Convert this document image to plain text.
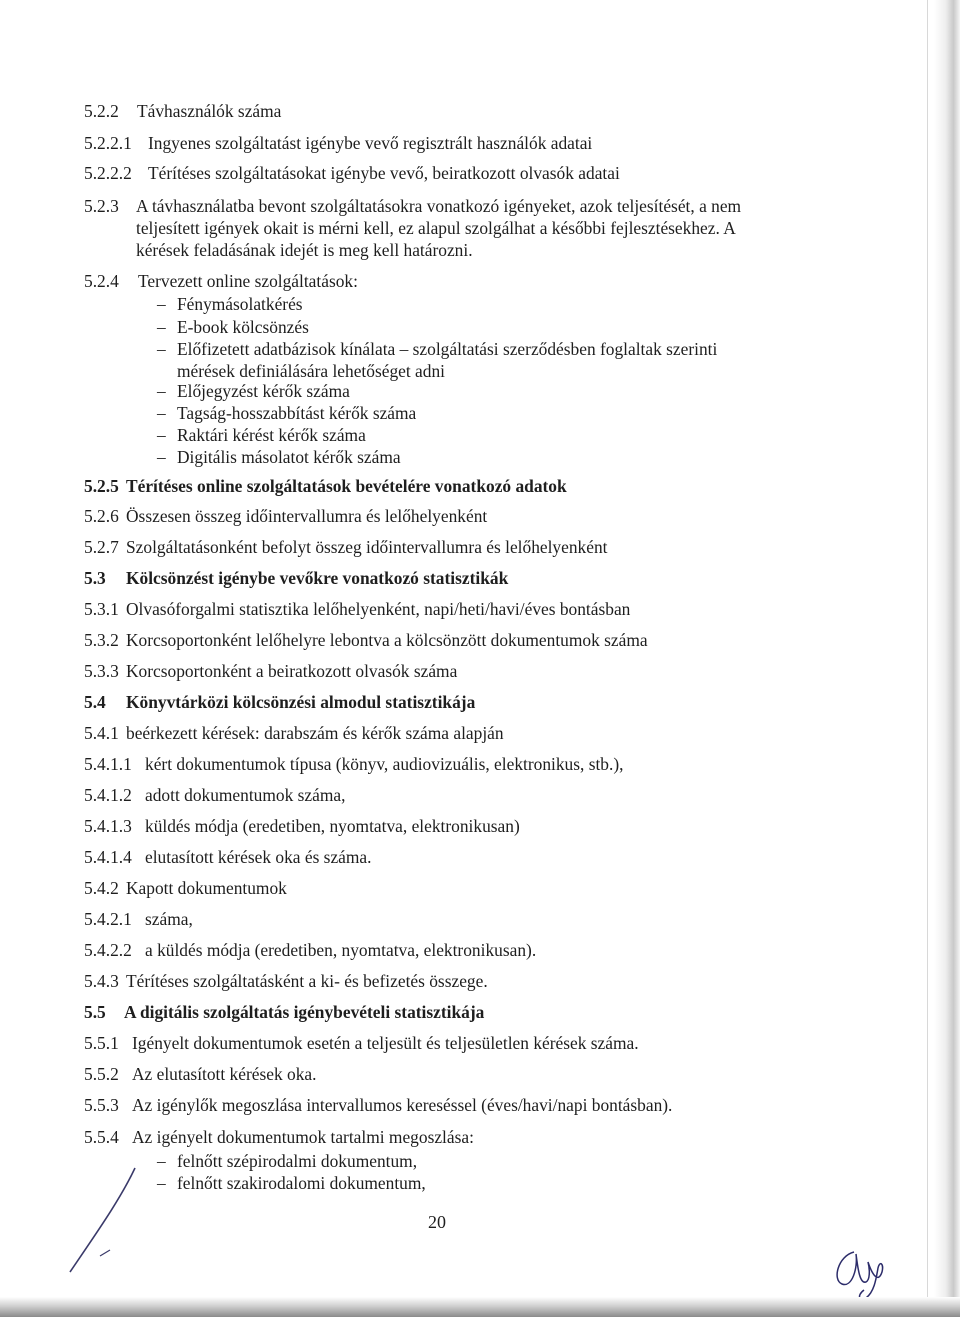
5.2.2 Távhasználók száma
5.2.2.1 Ingyenes szolgáltatást igénybe vevő regisztrált használók adatai
5.2.2.2 Térítéses szolgáltatásokat igénybe vevő, beiratkozott olvasók adatai
5.2.3 A távhasználatba bevont szolgáltatásokra vonatkozó igényeket, azok teljesítését, a nem
teljesített igények okait is mérni kell, ez alapul szolgálhat a későbbi fejlesztésekhez. A
kérések feladásának idejét is meg kell határozni.
5.2.4 Tervezett online szolgáltatások:
5.2.5 Térítéses online szolgáltatások bevételére vonatkozó adatok
5.2.6 Összesen összeg időintervallumra és lelőhelyenként
5.2.7 Szolgáltatásonként befolyt összeg időintervallumra és lelőhelyenként
5.3 Kölcsönzést igénybe vevőkre vonatkozó statisztikák
5.3.1 Olvasóforgalmi statisztika lelőhelyenként, napi/heti/havi/éves bontásban
5.3.2 Korcsoportonként lelőhelyre lebontva a kölcsönzött dokumentumok száma
5.3.3 Korcsoportonként a beiratkozott olvasók száma
5.4 Könyvtárközi kölcsönzési almodul statisztikája
5.4.1 beérkezett kérések: darabszám és kérők száma alapján
5.4.1.1 kért dokumentumok típusa (könyv, audiovizuális, elektronikus, stb.),
5.4.1.2 adott dokumentumok száma,
5.4.1.3 küldés módja (eredetiben, nyomtatva, elektronikusan)
5.4.1.4 elutasított kérések oka és száma.
5.4.2 Kapott dokumentumok
5.4.2.1 száma,
5.4.2.2 a küldés módja (eredetiben, nyomtatva, elektronikusan).
5.4.3 Térítéses szolgáltatásként a ki- és befizetés összege.
5.5 A digitális szolgáltatás igénybevételi statisztikája
5.5.1 Igényelt dokumentumok esetén a teljesült és teljesületlen kérések száma.
5.5.2 Az elutasított kérések oka.
5.5.3 Az igénylők megoszlása intervallumos kereséssel (éves/havi/napi bontásban).
5.5.4 Az igényelt dokumentumok tartalmi megoszlása:
– Fénymásolatkérés
– E-book kölcsönzés
– Előfizetett adatbázisok kínálata – szolgáltatási szerződésben foglaltak szerinti
mérések definiálására lehetőséget adni
– Előjegyzést kérők száma
– Tagság-hosszabbítást kérők száma
– Raktári kérést kérők száma
– Digitális másolatot kérők száma
– felnőtt szépirodalmi dokumentum,
– felnőtt szakirodalomi dokumentum,
20
